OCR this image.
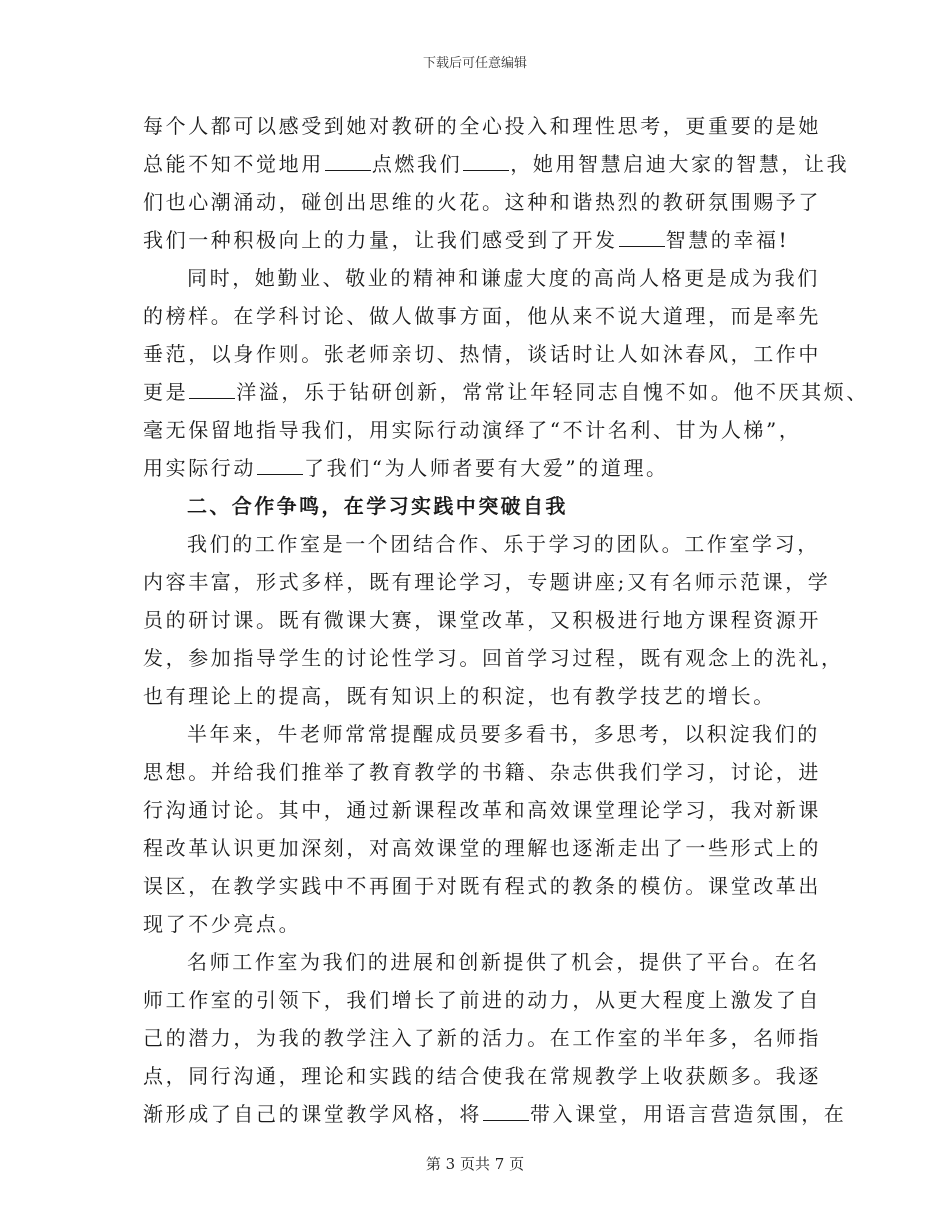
下载后可任意编辑
每个人都可以感受到她对教研的全心投入和理性思考，更重要的是她
总能不知不觉地用 点燃我们 ，她用智慧启迪大家的智慧，让我
们也心潮涌动，碰创出思维的火花。这种和谐热烈的教研氛围赐予了
我们一种积极向上的力量，让我们感受到了开发 智慧的幸福!
同时，她勤业、敬业的精神和谦虚大度的高尚人格更是成为我们
的榜样。在学科讨论、做人做事方面，他从来不说大道理，而是率先
垂范，以身作则。张老师亲切、热情，谈话时让人如沐春风，工作中
更是 洋溢，乐于钻研创新，常常让年轻同志自愧不如。他不厌其烦、
毫无保留地指导我们，用实际行动演绎了“不计名利、甘为人梯”，
用实际行动 了我们“为人师者要有大爱”的道理。
二、合作争鸣，在学习实践中突破自我
我们的工作室是一个团结合作、乐于学习的团队。工作室学习，
内容丰富，形式多样，既有理论学习，专题讲座;又有名师示范课，学
员的研讨课。既有微课大赛，课堂改革，又积极进行地方课程资源开
发，参加指导学生的讨论性学习。回首学习过程，既有观念上的洗礼，
也有理论上的提高，既有知识上的积淀，也有教学技艺的增长。
半年来，牛老师常常提醒成员要多看书，多思考，以积淀我们的
思想。并给我们推举了教育教学的书籍、杂志供我们学习，讨论，进
行沟通讨论。其中，通过新课程改革和高效课堂理论学习，我对新课
程改革认识更加深刻，对高效课堂的理解也逐渐走出了一些形式上的
误区，在教学实践中不再囿于对既有程式的教条的模仿。课堂改革出
现了不少亮点。
名师工作室为我们的进展和创新提供了机会，提供了平台。在名
师工作室的引领下，我们增长了前进的动力，从更大程度上激发了自
己的潜力，为我的教学注入了新的活力。在工作室的半年多，名师指
点，同行沟通，理论和实践的结合使我在常规教学上收获颇多。我逐
渐形成了自己的课堂教学风格，将 带入课堂，用语言营造氛围，在
第 3 页共 7 页
